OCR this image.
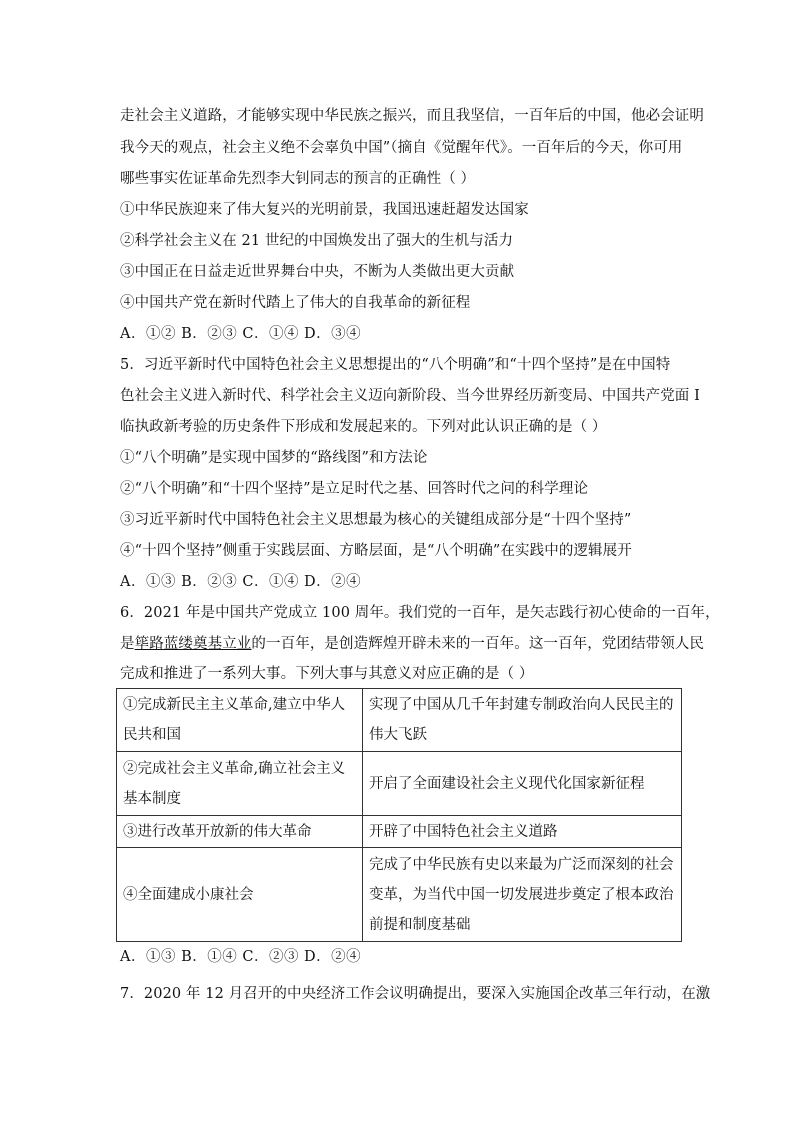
走社会主义道路，才能够实现中华民族之振兴，而且我坚信，一百年后的中国，他必会证明
我今天的观点，社会主义绝不会辜负中国”（摘自《觉醒年代》。一百年后的今天，你可用
哪些事实佐证革命先烈李大钊同志的预言的正确性（ ）
①中华民族迎来了伟大复兴的光明前景，我国迅速赶超发达国家
②科学社会主义在 21 世纪的中国焕发出了强大的生机与活力
③中国正在日益走近世界舞台中央，不断为人类做出更大贡献
④中国共产党在新时代踏上了伟大的自我革命的新征程
A．①② B．②③ C．①④ D．③④
5．习近平新时代中国特色社会主义思想提出的“八个明确”和“十四个坚持”是在中国特
色社会主义进入新时代、科学社会主义迈向新阶段、当今世界经历新变局、中国共产党面 I
临执政新考验的历史条件下形成和发展起来的。下列对此认识正确的是（ ）
①“八个明确”是实现中国梦的“路线图”和方法论
②“八个明确”和“十四个坚持”是立足时代之基、回答时代之问的科学理论
③习近平新时代中国特色社会主义思想最为核心的关键组成部分是“十四个坚持”
④“十四个坚持”侧重于实践层面、方略层面，是“八个明确”在实践中的逻辑展开
A．①③ B．②③ C．①④ D．②④
6．2021 年是中国共产党成立 100 周年。我们党的一百年，是矢志践行初心使命的一百年，
是筚路蓝缕奠基立业的一百年，是创造辉煌开辟未来的一百年。这一百年，党团结带领人民
完成和推进了一系列大事。下列大事与其意义对应正确的是（ ）
①完成新民主主义革命,建立中华人民共和国	实现了中国从几千年封建专制政治向人民民主的伟大飞跃
②完成社会主义革命,确立社会主义基本制度	开启了全面建设社会主义现代化国家新征程
③进行改革开放新的伟大革命	开辟了中国特色社会主义道路
④全面建成小康社会	完成了中华民族有史以来最为广泛而深刻的社会变革，为当代中国一切发展进步奠定了根本政治前提和制度基础
A．①③ B．①④ C．②③ D．②④
7．2020 年 12 月召开的中央经济工作会议明确提出，要深入实施国企改革三年行动，在激
